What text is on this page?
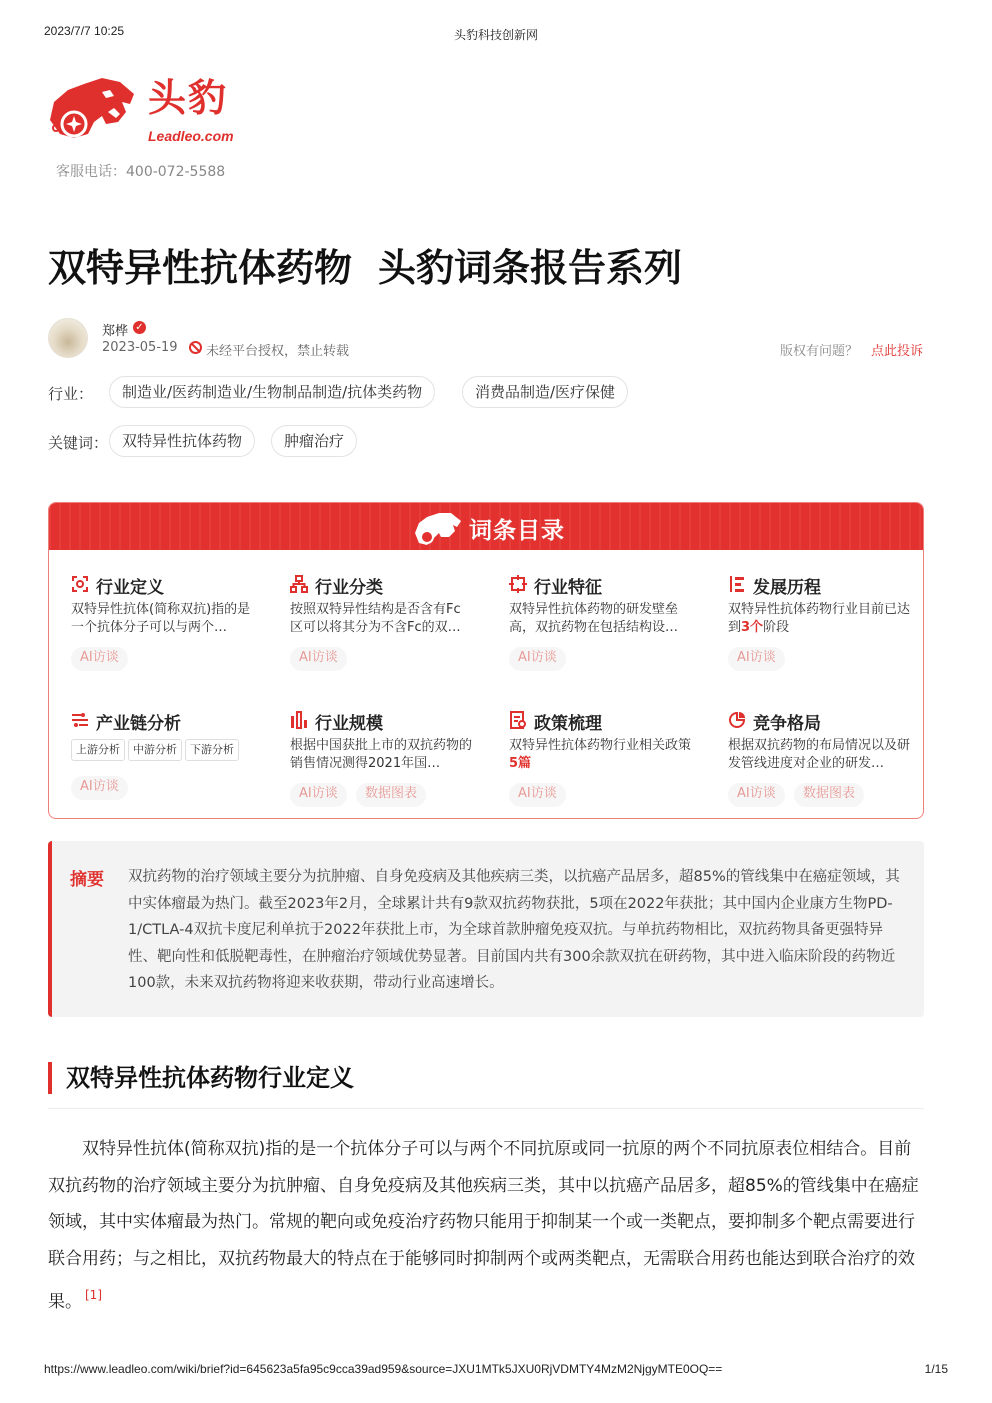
2023/7/7 10:25	头豹科技创新网
头豹
Leadleo.com
客服电话：400-072-5588
双特异性抗体药物 头豹词条报告系列
郑桦 ✓
2023-05-19 未经平台授权，禁止转载	版权有问题？ 点此投诉
行业：	制造业/医药制造业/生物制品制造/抗体类药物	消费品制造/医疗保健
关键词： 双特异性抗体药物	肿瘤治疗
词条目录
行业定义
双特异性抗体(简称双抗)指的是一个抗体分子可以与两个…
AI访谈
行业分类
按照双特异性结构是否含有Fc区可以将其分为不含Fc的双…
AI访谈
行业特征
双特异性抗体药物的研发壁垒高，双抗药物在包括结构设…
AI访谈
发展历程
双特异性抗体药物行业目前已达到3个阶段
AI访谈
产业链分析
上游分析	中游分析	下游分析
AI访谈
行业规模
根据中国获批上市的双抗药物的销售情况测得2021年国…
AI访谈	数据图表
政策梳理
双特异性抗体药物行业相关政策5篇
AI访谈
竞争格局
根据双抗药物的布局情况以及研发管线进度对企业的研发…
AI访谈	数据图表
摘要 双抗药物的治疗领域主要分为抗肿瘤、自身免疫病及其他疾病三类，以抗癌产品居多，超85%的管线集中在癌症领域，其中实体瘤最为热门。截至2023年2月，全球累计共有9款双抗药物获批，5项在2022年获批；其中国内企业康方生物PD-1/CTLA-4双抗卡度尼利单抗于2022年获批上市，为全球首款肿瘤免疫双抗。与单抗药物相比，双抗药物具备更强特异性、靶向性和低脱靶毒性，在肿瘤治疗领域优势显著。目前国内共有300余款双抗在研药物，其中进入临床阶段的药物近100款，未来双抗药物将迎来收获期，带动行业高速增长。
双特异性抗体药物行业定义
双特异性抗体(简称双抗)指的是一个抗体分子可以与两个不同抗原或同一抗原的两个不同抗原表位相结合。目前双抗药物的治疗领域主要分为抗肿瘤、自身免疫病及其他疾病三类，其中以抗癌产品居多，超85%的管线集中在癌症领域，其中实体瘤最为热门。常规的靶向或免疫治疗药物只能用于抑制某一个或一类靶点，要抑制多个靶点需要进行联合用药；与之相比，双抗药物最大的特点在于能够同时抑制两个或两类靶点，无需联合用药也能达到联合治疗的效果。 [1]
https://www.leadleo.com/wiki/brief?id=645623a5fa95c9cca39ad959&source=JXU1MTk5JXU0RjVDMTY4MzM2NjgyMTE0OQ==	1/15
